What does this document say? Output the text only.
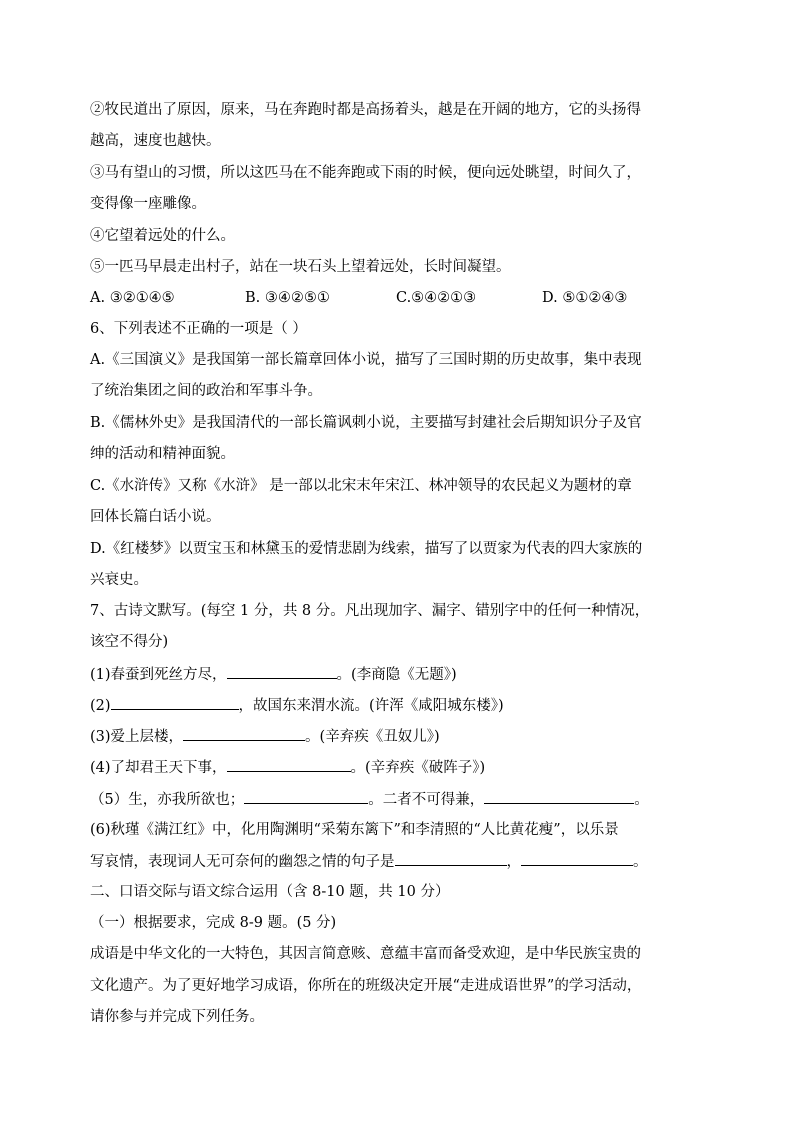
②牧民道出了原因，原来，马在奔跑时都是高扬着头，越是在开阔的地方，它的头扬得
越高，速度也越快。
③马有望山的习惯，所以这匹马在不能奔跑或下雨的时候，便向远处眺望，时间久了，
变得像一座雕像。
④它望着远处的什么。
⑤一匹马早晨走出村子，站在一块石头上望着远处，长时间凝望。
A. ③②①④⑤	B. ③④②⑤①	C.⑤④②①③	D. ⑤①②④③
6、下列表述不正确的一项是（ ）
A.《三国演义》是我国第一部长篇章回体小说，描写了三国时期的历史故事，集中表现
了统治集团之间的政治和军事斗争。
B.《儒林外史》是我国清代的一部长篇讽刺小说，主要描写封建社会后期知识分子及官
绅的活动和精神面貌。
C.《水浒传》又称《水浒》 是一部以北宋末年宋江、林冲领导的农民起义为题材的章
回体长篇白话小说。
D.《红楼梦》以贾宝玉和林黛玉的爱情悲剧为线索，描写了以贾家为代表的四大家族的
兴衰史。
7、古诗文默写。(每空 1 分，共 8 分。凡出现加字、漏字、错别字中的任何一种情况，
该空不得分)
(1)春蚕到死丝方尽，	。(李商隐《无题》)
(2)	，故国东来渭水流。(许浑《咸阳城东楼》)
(3)爱上层楼，	。(辛弃疾《丑奴儿》)
(4)了却君王天下事，	。(辛弃疾《破阵子》)
（5）生，亦我所欲也；	。二者不可得兼，	。
(6)秋瑾《满江红》中，化用陶渊明“采菊东篱下”和李清照的“人比黄花瘦”，以乐景
写哀情，表现词人无可奈何的幽怨之情的句子是	，	。
二、口语交际与语文综合运用（含 8-10 题，共 10 分）
（一）根据要求，完成 8-9 题。(5 分)
成语是中华文化的一大特色，其因言简意赅、意蕴丰富而备受欢迎，是中华民族宝贵的
文化遗产。为了更好地学习成语，你所在的班级决定开展“走进成语世界”的学习活动，
请你参与并完成下列任务。
